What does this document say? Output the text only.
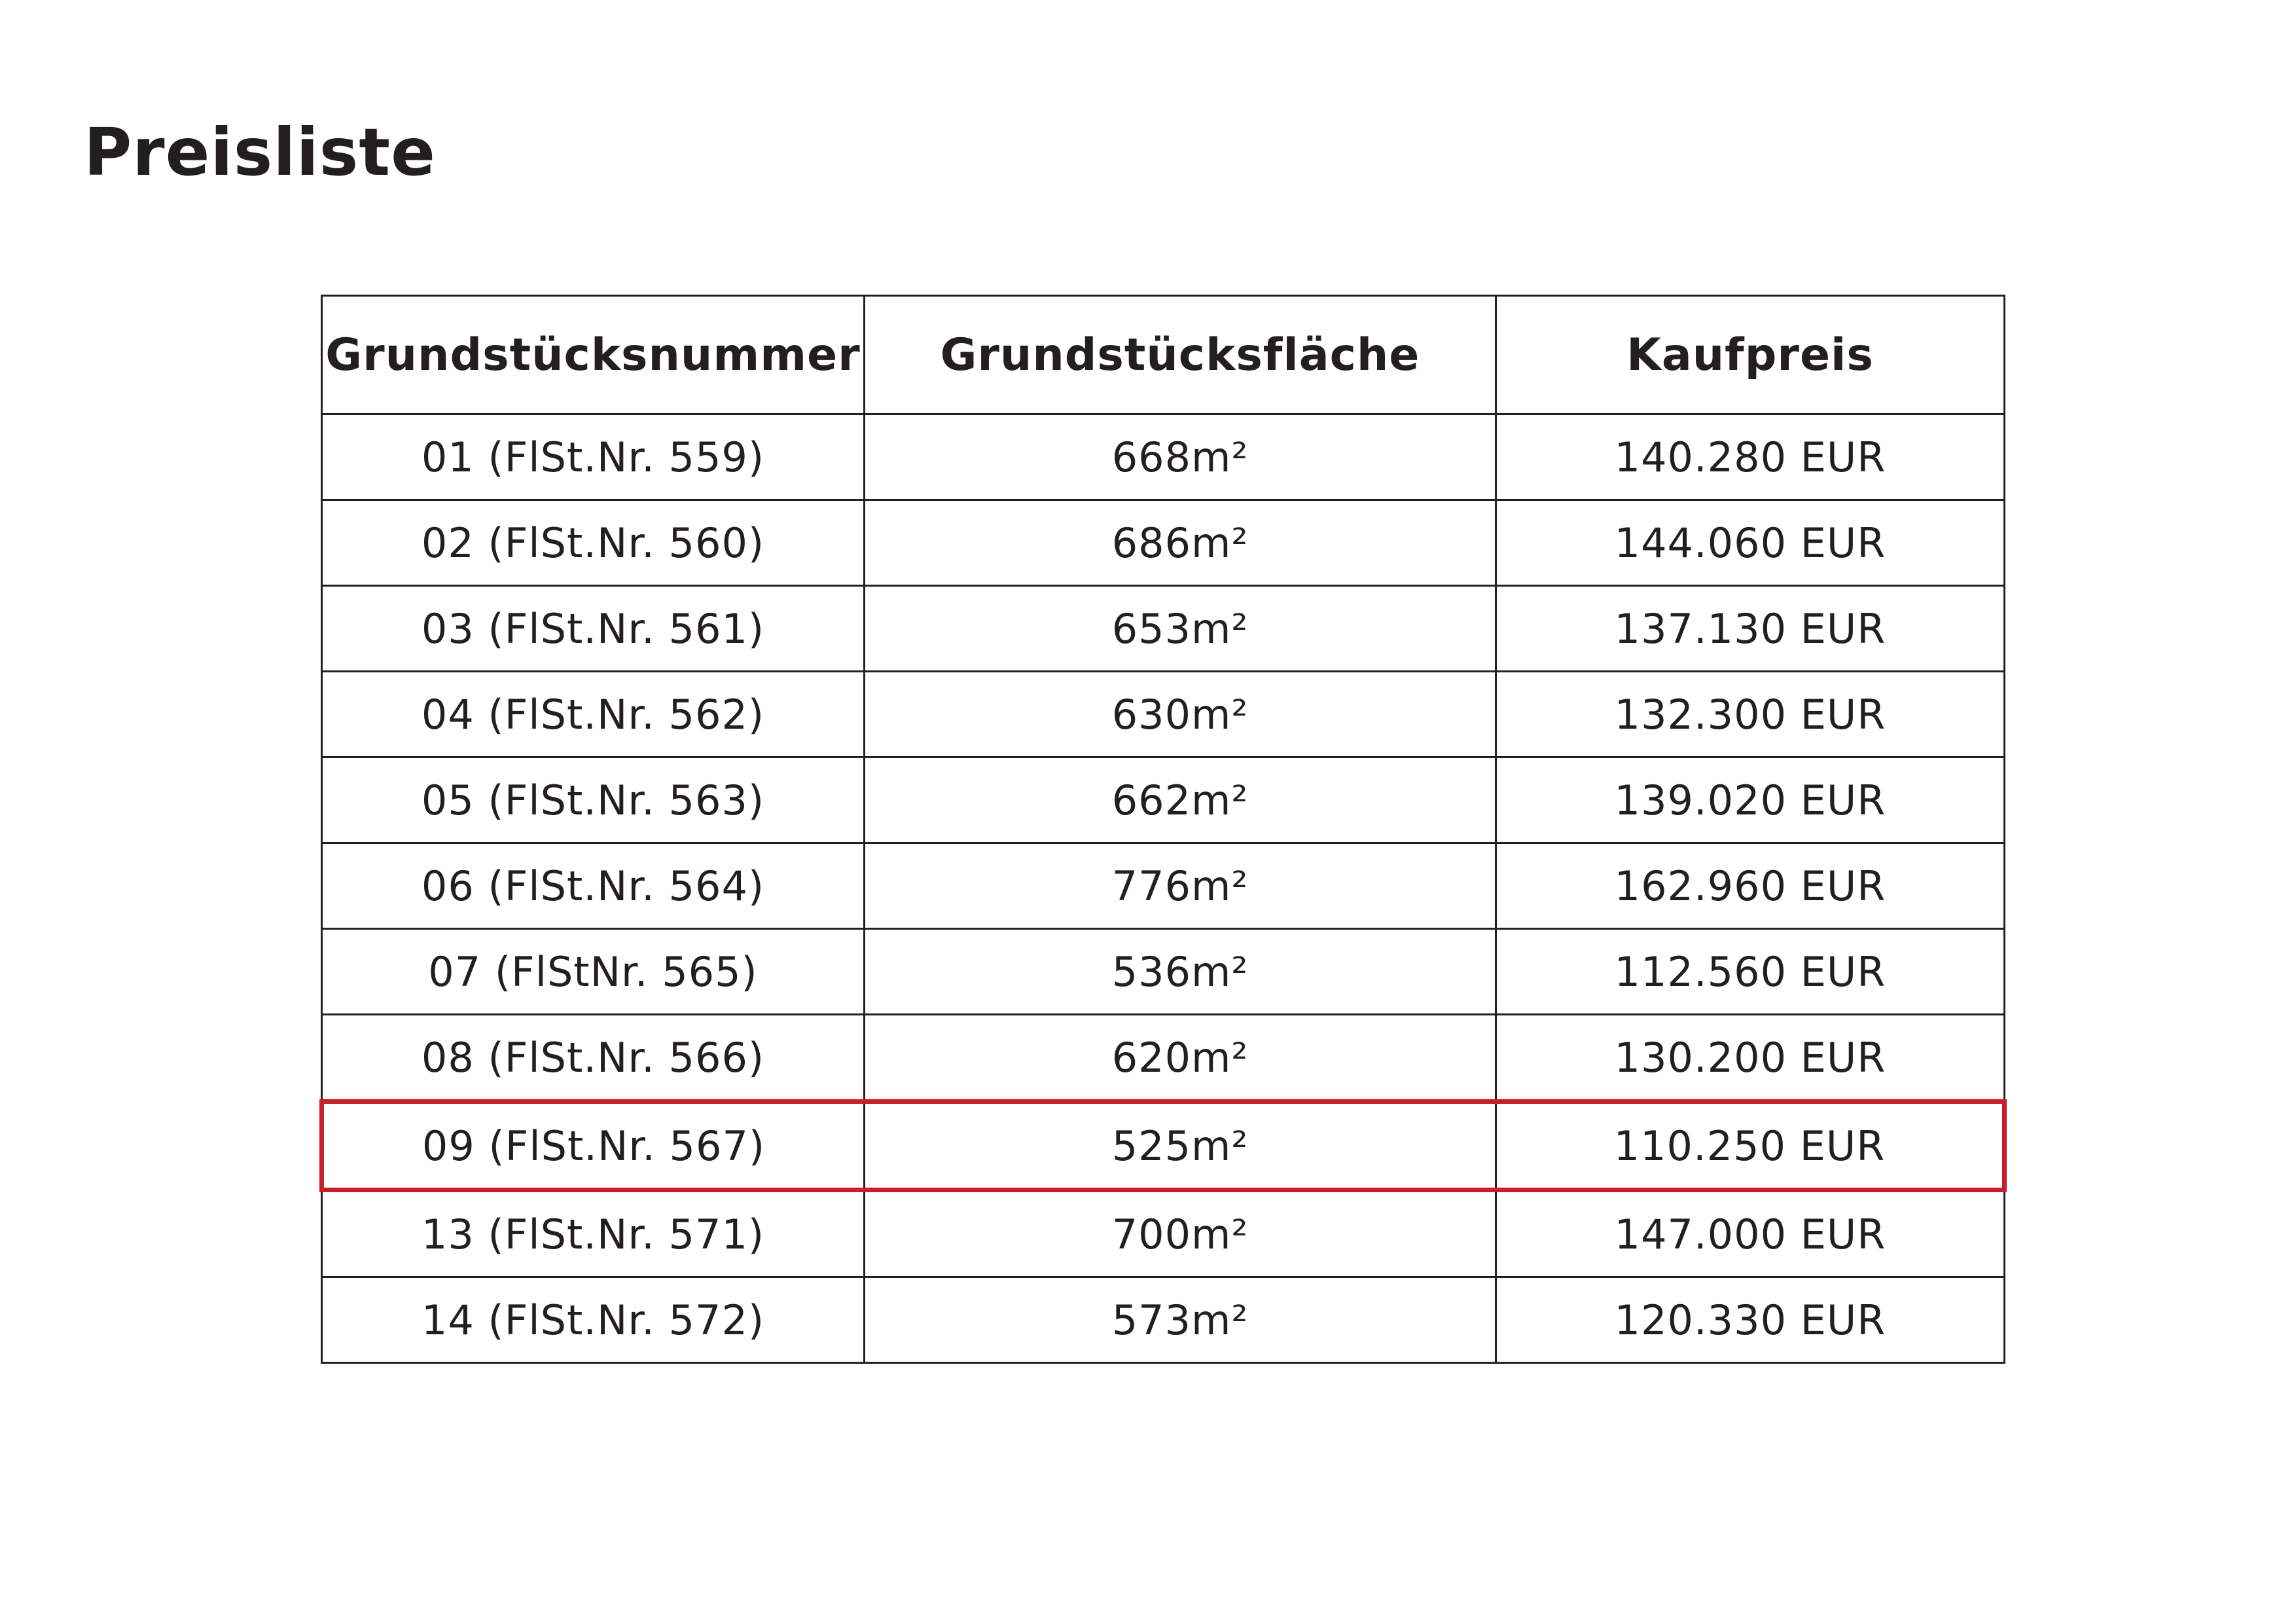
Preisliste
Grundstücksnummer	Grundstücksfläche	Kaufpreis
01 (FlSt.Nr. 559)	668m²	140.280 EUR
02 (FlSt.Nr. 560)	686m²	144.060 EUR
03 (FlSt.Nr. 561)	653m²	137.130 EUR
04 (FlSt.Nr. 562)	630m²	132.300 EUR
05 (FlSt.Nr. 563)	662m²	139.020 EUR
06 (FlSt.Nr. 564)	776m²	162.960 EUR
07 (FlStNr. 565)	536m²	112.560 EUR
08 (FlSt.Nr. 566)	620m²	130.200 EUR
09 (FlSt.Nr. 567)	525m²	110.250 EUR
13 (FlSt.Nr. 571)	700m²	147.000 EUR
14 (FlSt.Nr. 572)	573m²	120.330 EUR
